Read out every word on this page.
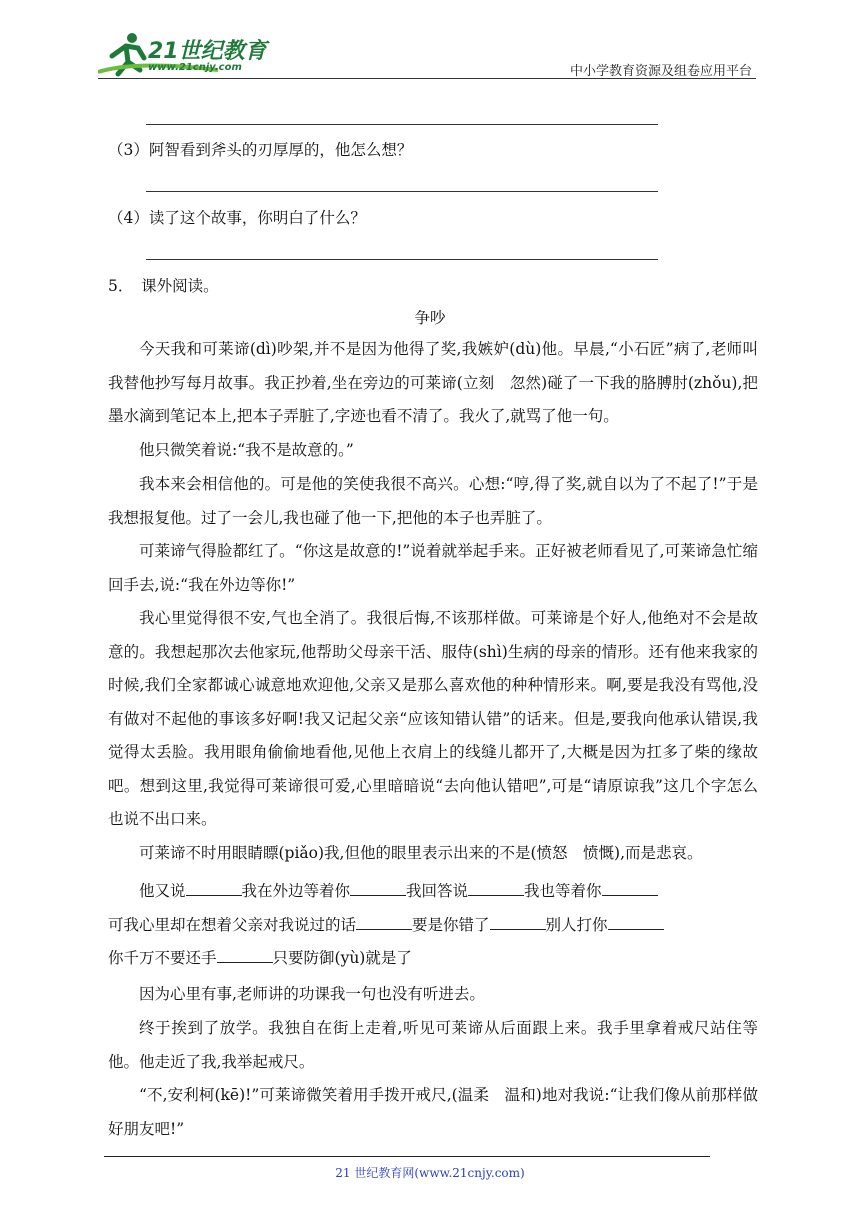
21世纪教育
www.21cnjy.com	中小学教育资源及组卷应用平台
（3）阿智看到斧头的刃厚厚的，他怎么想？
（4）读了这个故事，你明白了什么？
5．　课外阅读。
争吵
今天我和可莱谛(dì)吵架,并不是因为他得了奖,我嫉妒(dù)他。早晨,“小石匠”病了,老师叫我替他抄写每月故事。我正抄着,坐在旁边的可莱谛(立刻　忽然)碰了一下我的胳膊肘(zhǒu),把墨水滴到笔记本上,把本子弄脏了,字迹也看不清了。我火了,就骂了他一句。
他只微笑着说:“我不是故意的。”
我本来会相信他的。可是他的笑使我很不高兴。心想:“哼,得了奖,就自以为了不起了!”于是我想报复他。过了一会儿,我也碰了他一下,把他的本子也弄脏了。
可莱谛气得脸都红了。“你这是故意的!”说着就举起手来。正好被老师看见了,可莱谛急忙缩回手去,说:“我在外边等你!”
我心里觉得很不安,气也全消了。我很后悔,不该那样做。可莱谛是个好人,他绝对不会是故意的。我想起那次去他家玩,他帮助父母亲干活、服侍(shì)生病的母亲的情形。还有他来我家的时候,我们全家都诚心诚意地欢迎他,父亲又是那么喜欢他的种种情形来。啊,要是我没有骂他,没有做对不起他的事该多好啊!我又记起父亲“应该知错认错”的话来。但是,要我向他承认错误,我觉得太丢脸。我用眼角偷偷地看他,见他上衣肩上的线缝儿都开了,大概是因为扛多了柴的缘故吧。想到这里,我觉得可莱谛很可爱,心里暗暗说“去向他认错吧”,可是“请原谅我”这几个字怎么也说不出口来。
可莱谛不时用眼睛瞟(piǎo)我,但他的眼里表示出来的不是(愤怒　愤慨),而是悲哀。
他又说	我在外边等着你	我回答说	我也等着你
可我心里却在想着父亲对我说过的话	要是你错了	别人打你
你千万不要还手	只要防御(yù)就是了
因为心里有事,老师讲的功课我一句也没有听进去。
终于挨到了放学。我独自在街上走着,听见可莱谛从后面跟上来。我手里拿着戒尺站住等他。他走近了我,我举起戒尺。
“不,安利柯(kē)!”可莱谛微笑着用手拨开戒尺,(温柔　温和)地对我说:“让我们像从前那样做好朋友吧!”
21 世纪教育网(www.21cnjy.com)
